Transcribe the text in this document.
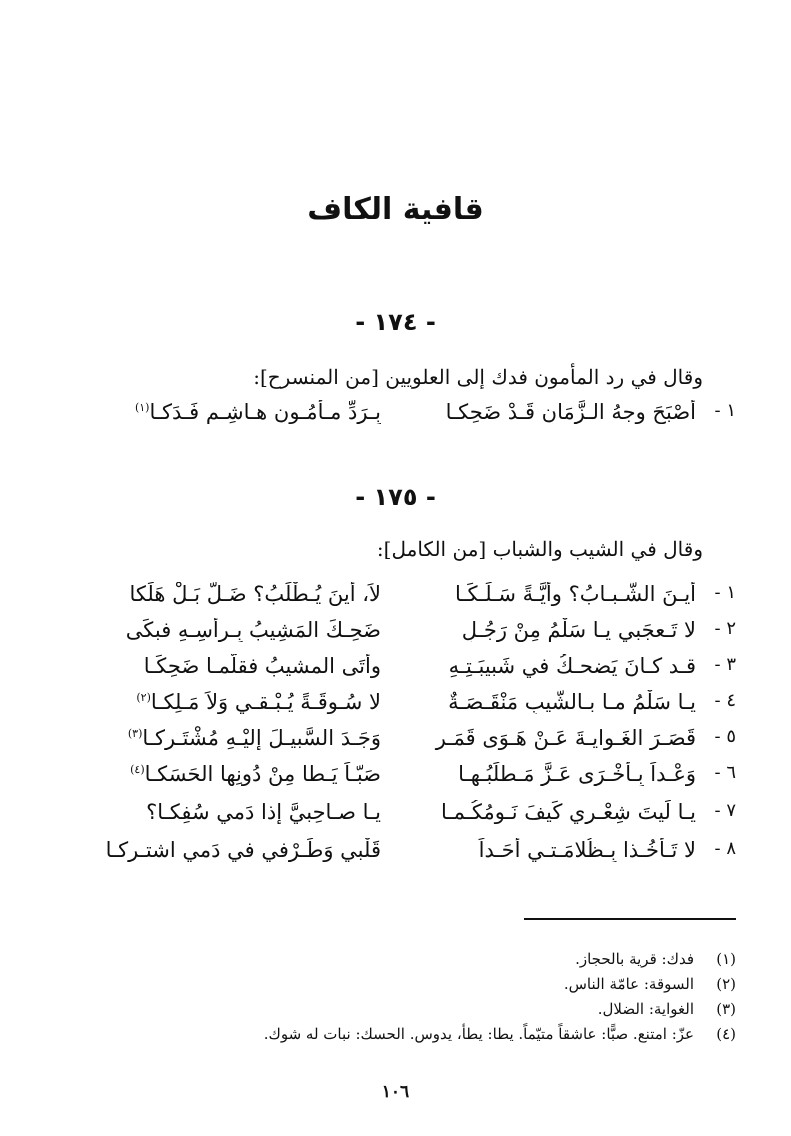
قافية الكاف
- ١٧٤ -
وقال في رد المأمون فدك إلى العلويين [من المنسرح]:
١ -
أَصْبَحَ وجهُ الـزَّمَانِ قَـدْ ضَحِكـا
بِـرَدِّ مـأمُـونِ هـاشِـمٍ فَـدَكـا$^{(١)}$
- ١٧٥ -
وقال في الشيب والشباب [من الكامل]:
١ -
أيـنَ الشَّـبـابُ؟ وأيَّـةً سَـلَـكَـا
لاَ، أينَ يُـطْلَبُ؟ ضَـلَّ بَـلْ هَلَكا
٢ -
لا تَـعجَبي يـا سَلْمُ مِنْ رَجُـلٍ
ضَحِـكَ المَشِيبُ بِـرأسِـهِ فبكَى
٣ -
قـد كـانَ يَضحـكُ في شَبيبَـتِـهِ
وأتَى المشيبُ فقلَّمـا ضَحِكَـا
٤ -
يـا سَلْمُ مـا بـالشَّيبِ مَنْقَـصَـةٌ
لا سُـوقَـةً يُـبْـقـي وَلاَ مَـلِكـا$^{(٢)}$
٥ -
قَصَـرَ الغَـوايـةَ عَـنْ هَـوَى قَمَـرٍ
وَجَـدَ السَّبيـلَ إليْـهِ مُشْتَـرِكـا$^{(٣)}$
٦ -
وَعْـداً بِـأُخْـرَى عَـزَّ مَـطلَبُـهـا
صَبّـاً يَـطا مِنْ دُونِها الحَسَكـا$^{(٤)}$
٧ -
يـا لَيتَ شِعْـري كَيفَ نَـومُكُـمـا
يـا صـاحِبيَّ إذا دَمي سُفِكـا؟
٨ -
لا تَـأْخُـذا بِـظُلامَـتـي أَحَـداً
قَلْبي وَطَـرْفي في دَمي اشتـركـا
(١)
فدك: قرية بالحجاز.
(٢)
السوقة: عامّة الناس.
(٣)
الغواية: الضلال.
(٤)
عزّ: امتنع. صبًّا: عاشقاً متيّماً. يطا: يطأ، يدوس. الحسك: نبات له شوك.
١٠٦
